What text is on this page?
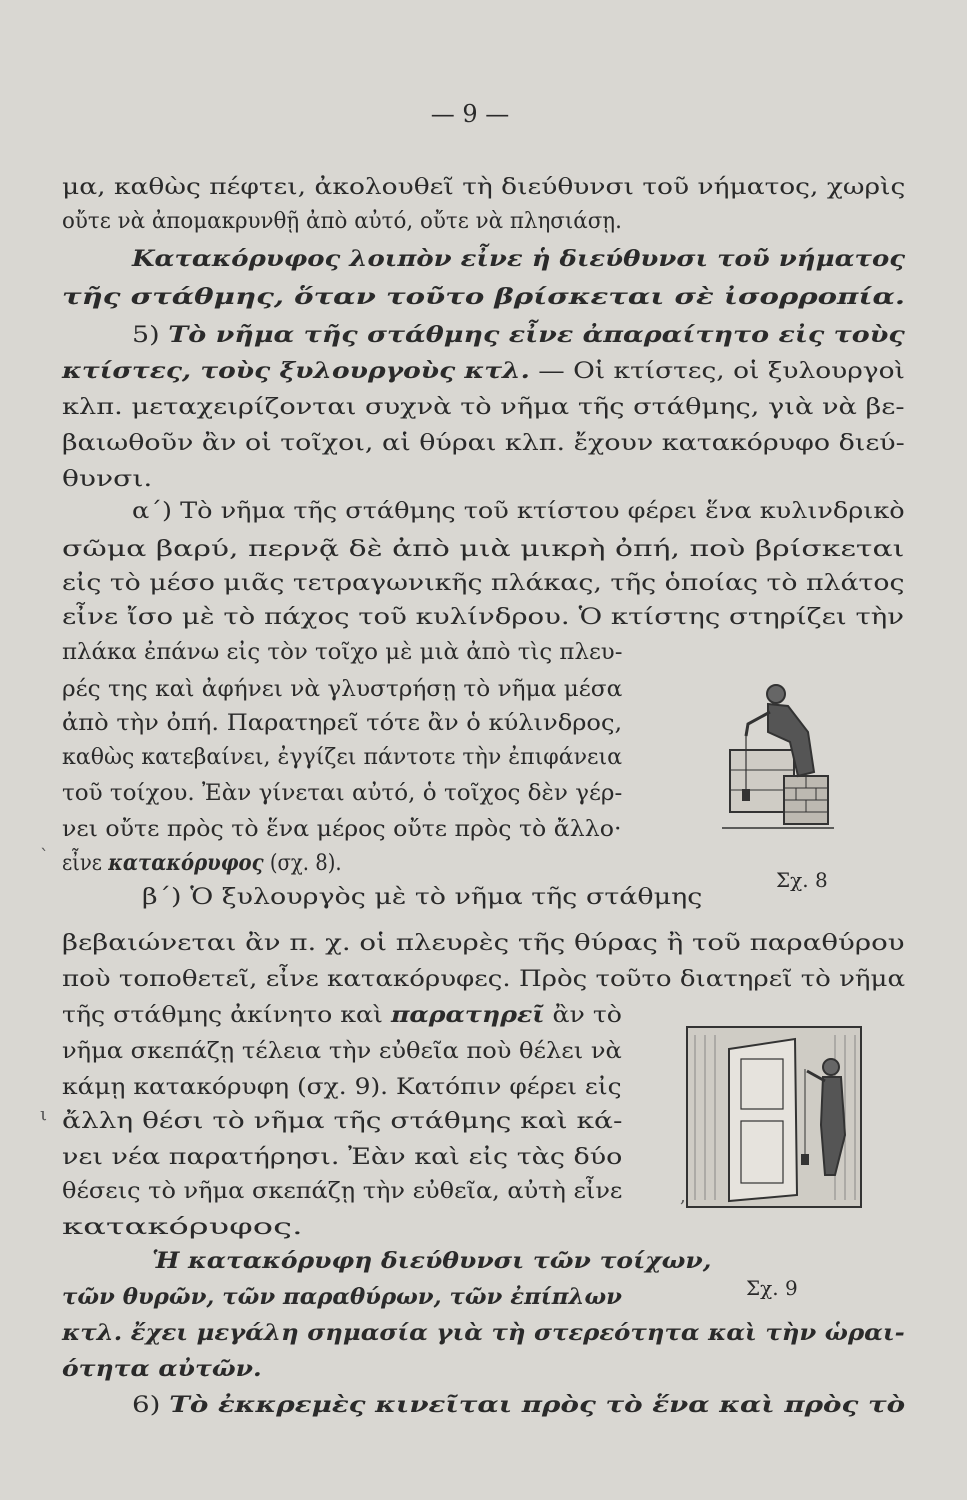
— 9 —
μα, καθὼς πέφτει, ἀκολουθεῖ τὴ διεύθυνσι τοῦ νήματος, χωρὶς
οὔτε νὰ ἀπομακρυνθῇ ἀπὸ αὐτό, οὔτε νὰ πλησιάσῃ.
Κατακόρυφος λοιπὸν εἶνε ἡ διεύθυνσι τοῦ νήματος
τῆς στάθμης, ὅταν τοῦτο βρίσκεται σὲ ἰσορροπία.
5) Τὸ νῆμα τῆς στάθμης εἶνε ἀπαραίτητο εἰς τοὺς
κτίστες, τοὺς ξυλουργοὺς κτλ. — Οἱ κτίστες, οἱ ξυλουργοὶ
κλπ. μεταχειρίζονται συχνὰ τὸ νῆμα τῆς στάθμης, γιὰ νὰ βε-
βαιωθοῦν ἂν οἱ τοῖχοι, αἱ θύραι κλπ. ἔχουν κατακόρυφο διεύ-
θυνσι.
α΄) Τὸ νῆμα τῆς στάθμης τοῦ κτίστου φέρει ἕνα κυλινδρικὸ
σῶμα βαρύ, περνᾷ δὲ ἀπὸ μιὰ μικρὴ ὀπή, ποὺ βρίσκεται
εἰς τὸ μέσο μιᾶς τετραγωνικῆς πλάκας, τῆς ὁποίας τὸ πλάτος
εἶνε ἴσο μὲ τὸ πάχος τοῦ κυλίνδρου. Ὁ κτίστης στηρίζει τὴν
πλάκα ἐπάνω εἰς τὸν τοῖχο μὲ μιὰ ἀπὸ τὶς πλευ-
ρές της καὶ ἀφήνει νὰ γλυστρήσῃ τὸ νῆμα μέσα
ἀπὸ τὴν ὀπή. Παρατηρεῖ τότε ἂν ὁ κύλινδρος,
καθὼς κατεβαίνει, ἐγγίζει πάντοτε τὴν ἐπιφάνεια
τοῦ τοίχου. Ἐὰν γίνεται αὐτό, ὁ τοῖχος δὲν γέρ-
νει οὔτε πρὸς τὸ ἕνα μέρος οὔτε πρὸς τὸ ἄλλο·
εἶνε κατακόρυφος (σχ. 8).
β΄) Ὁ ξυλουργὸς μὲ τὸ νῆμα τῆς στάθμης
βεβαιώνεται ἂν π. χ. οἱ πλευρὲς τῆς θύρας ἢ τοῦ παραθύρου
ποὺ τοποθετεῖ, εἶνε κατακόρυφες. Πρὸς τοῦτο διατηρεῖ τὸ νῆμα
τῆς στάθμης ἀκίνητο καὶ παρατηρεῖ ἂν τὸ
νῆμα σκεπάζῃ τέλεια τὴν εὐθεῖα ποὺ θέλει νὰ
κάμῃ κατακόρυφη (σχ. 9). Κατόπιν φέρει εἰς
ἄλλη θέσι τὸ νῆμα τῆς στάθμης καὶ κά-
νει νέα παρατήρησι. Ἐὰν καὶ εἰς τὰς δύο
θέσεις τὸ νῆμα σκεπάζῃ τὴν εὐθεῖα, αὐτὴ εἶνε
κατακόρυφος.
Ἡ κατακόρυφη διεύθυνσι τῶν τοίχων,
τῶν θυρῶν, τῶν παραθύρων, τῶν ἐπίπλων
κτλ. ἔχει μεγάλη σημασία γιὰ τὴ στερεότητα καὶ τὴν ὡραι-
ότητα αὐτῶν.
6) Τὸ ἐκκρεμὲς κινεῖται πρὸς τὸ ἕνα καὶ πρὸς τὸ
Σχ. 8
Σχ. 9
`
ι
,
